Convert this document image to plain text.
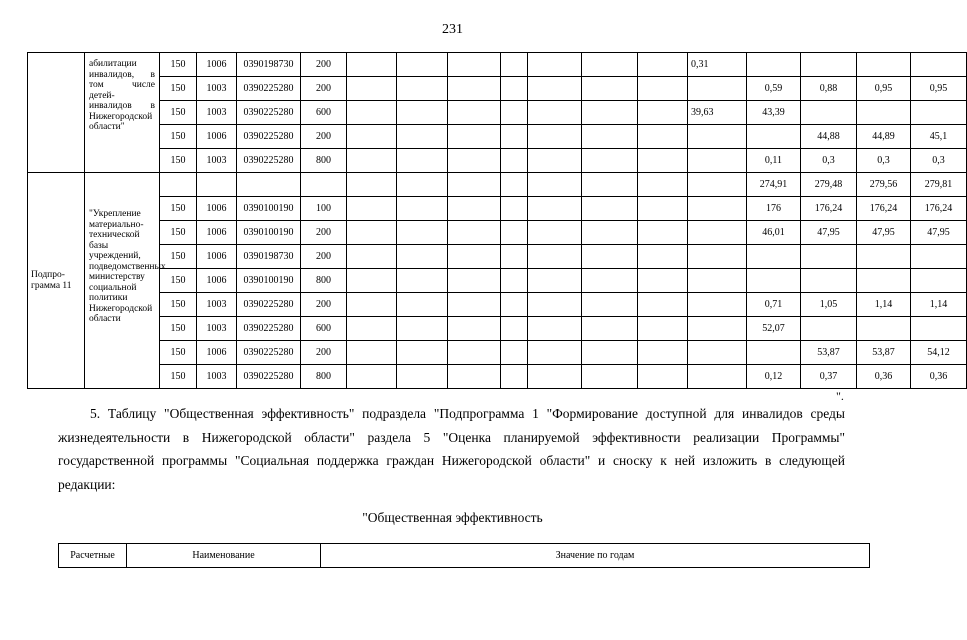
231
	абилитации инвалидов, в том числе детей-инвалидов в Нижегородской области"	150	1006	0390198730	200								0,31				
		150	1003	0390225280	200									0,59	0,88	0,95	0,95
		150	1003	0390225280	600								39,63	43,39			
		150	1006	0390225280	200										44,88	44,89	45,1
		150	1003	0390225280	800									0,11	0,3	0,3	0,3
Подпро-грамма 11	"Укрепление материально-технической базы учреждений, подведомственных министерству социальной политики Нижегородской области													274,91	279,48	279,56	279,81
		150	1006	0390100190	100									176	176,24	176,24	176,24
		150	1006	0390100190	200									46,01	47,95	47,95	47,95
		150	1006	0390198730	200												
		150	1006	0390100190	800												
		150	1003	0390225280	200									0,71	1,05	1,14	1,14
		150	1003	0390225280	600									52,07			
		150	1006	0390225280	200										53,87	53,87	54,12
		150	1003	0390225280	800									0,12	0,37	0,36	0,36
".
5. Таблицу "Общественная эффективность" подраздела "Подпрограмма 1 "Формирование доступной для инвалидов среды жизнедеятельности в Нижегородской области" раздела 5 "Оценка планируемой эффективности реализации Программы" государственной программы "Социальная поддержка граждан Нижегородской области" и сноску к ней изложить в следующей редакции:
"Общественная эффективность
Расчетные	Наименование	Значение по годам
